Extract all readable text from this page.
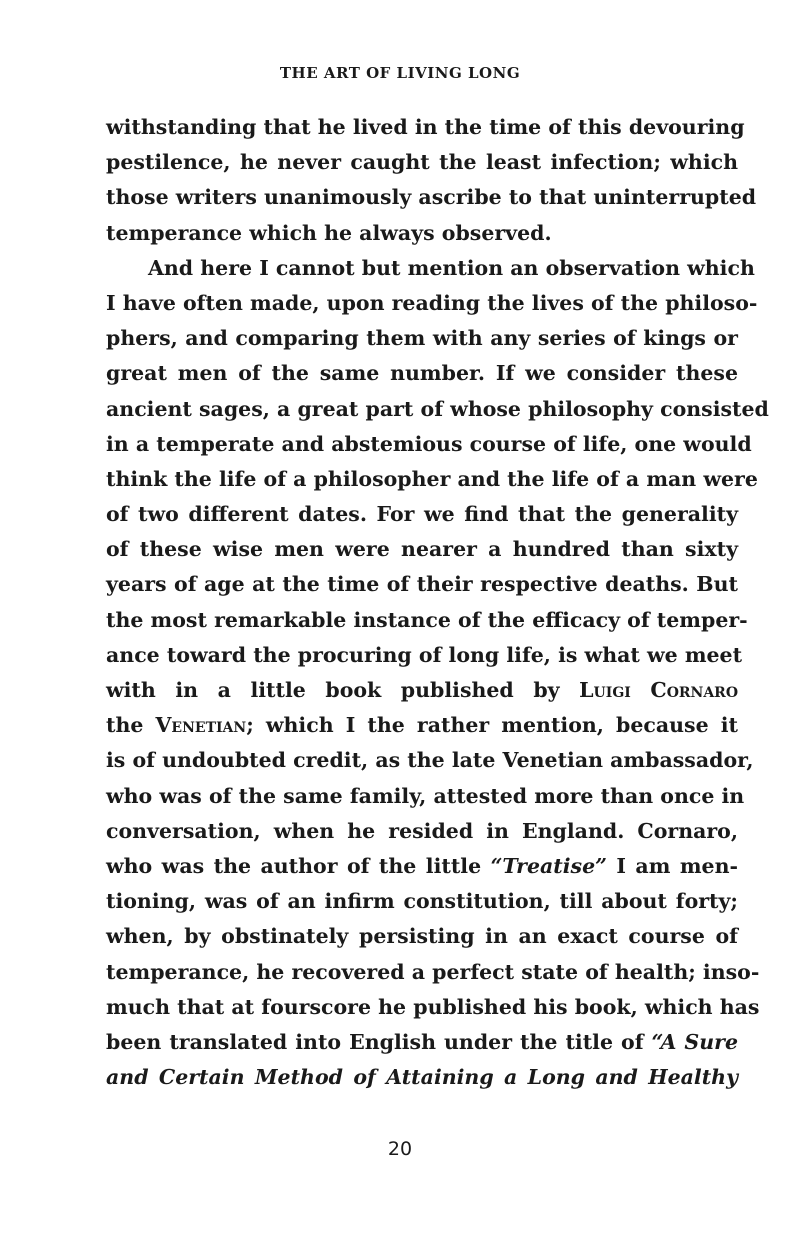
THE ART OF LIVING LONG
withstanding that he lived in the time of this devouring
pestilence, he never caught the least infection; which
those writers unanimously ascribe to that uninterrupted
temperance which he always observed.
And here I cannot but mention an observation which
I have often made, upon reading the lives of the philoso-
phers, and comparing them with any series of kings or
great men of the same number. If we consider these
ancient sages, a great part of whose philosophy consisted
in a temperate and abstemious course of life, one would
think the life of a philosopher and the life of a man were
of two different dates. For we find that the generality
of these wise men were nearer a hundred than sixty
years of age at the time of their respective deaths. But
the most remarkable instance of the efficacy of temper-
ance toward the procuring of long life, is what we meet
with in a little book published by Luigi Cornaro
the Venetian; which I the rather mention, because it
is of undoubted credit, as the late Venetian ambassador,
who was of the same family, attested more than once in
conversation, when he resided in England. Cornaro,
who was the author of the little “Treatise” I am men-
tioning, was of an infirm constitution, till about forty;
when, by obstinately persisting in an exact course of
temperance, he recovered a perfect state of health; inso-
much that at fourscore he published his book, which has
been translated into English under the title of “A Sure
and Certain Method of Attaining a Long and Healthy
20
